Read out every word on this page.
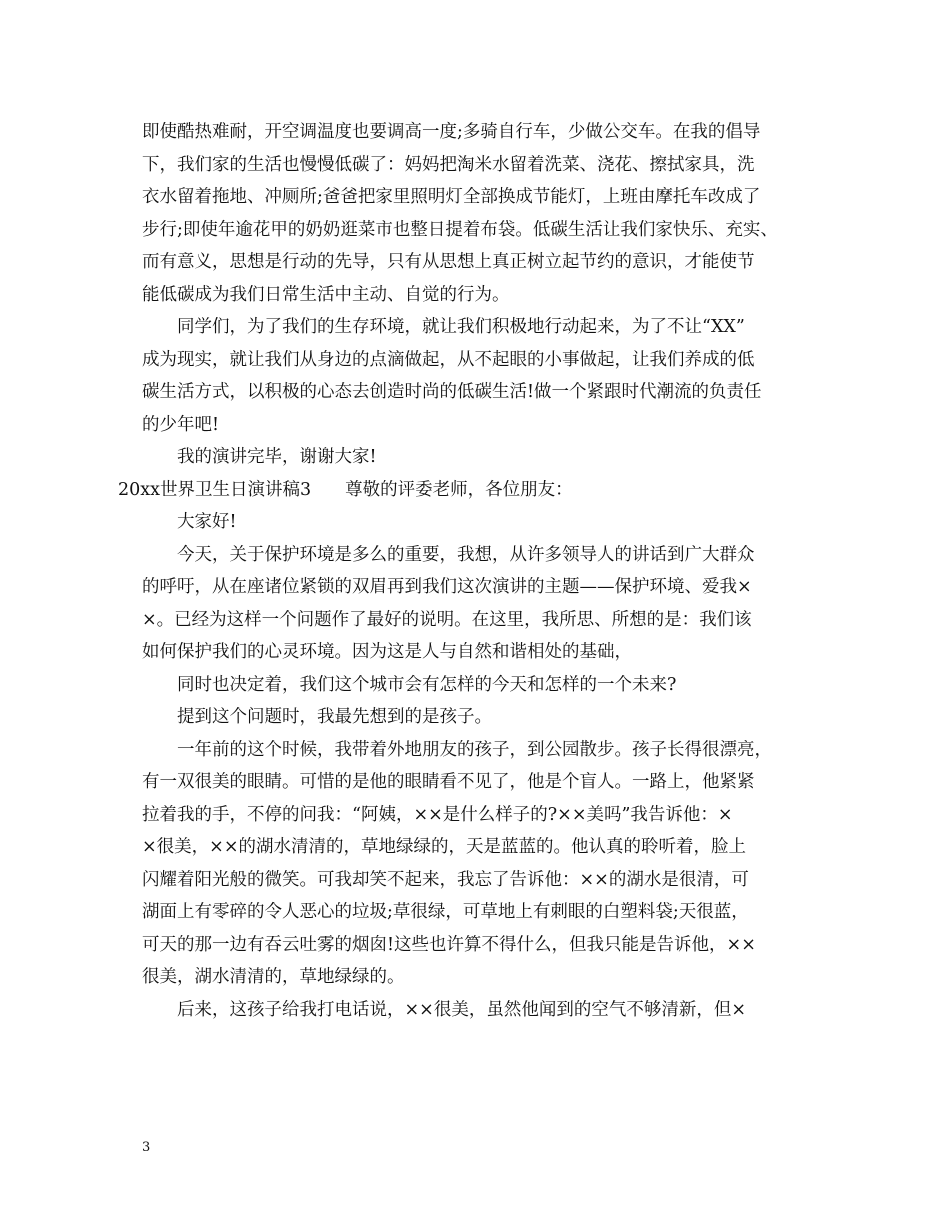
即使酷热难耐，开空调温度也要调高一度;多骑自行车，少做公交车。在我的倡导
下，我们家的生活也慢慢低碳了：妈妈把淘米水留着洗菜、浇花、擦拭家具，洗
衣水留着拖地、冲厕所;爸爸把家里照明灯全部换成节能灯，上班由摩托车改成了
步行;即使年逾花甲的奶奶逛菜市也整日提着布袋。低碳生活让我们家快乐、充实、
而有意义，思想是行动的先导，只有从思想上真正树立起节约的意识，才能使节
能低碳成为我们日常生活中主动、自觉的行为。
同学们，为了我们的生存环境，就让我们积极地行动起来，为了不让“XX”
成为现实，就让我们从身边的点滴做起，从不起眼的小事做起，让我们养成的低
碳生活方式，以积极的心态去创造时尚的低碳生活!做一个紧跟时代潮流的负责任
的少年吧!
我的演讲完毕，谢谢大家!
20xx世界卫生日演讲稿3 尊敬的评委老师，各位朋友：
大家好!
今天，关于保护环境是多么的重要，我想，从许多领导人的讲话到广大群众
的呼吁，从在座诸位紧锁的双眉再到我们这次演讲的主题——保护环境、爱我×
×。已经为这样一个问题作了最好的说明。在这里，我所思、所想的是：我们该
如何保护我们的心灵环境。因为这是人与自然和谐相处的基础，
同时也决定着，我们这个城市会有怎样的今天和怎样的一个未来?
提到这个问题时，我最先想到的是孩子。
一年前的这个时候，我带着外地朋友的孩子，到公园散步。孩子长得很漂亮，
有一双很美的眼睛。可惜的是他的眼睛看不见了，他是个盲人。一路上，他紧紧
拉着我的手，不停的问我：“阿姨，××是什么样子的?××美吗”我告诉他：×
×很美，××的湖水清清的，草地绿绿的，天是蓝蓝的。他认真的聆听着，脸上
闪耀着阳光般的微笑。可我却笑不起来，我忘了告诉他：××的湖水是很清，可
湖面上有零碎的令人恶心的垃圾;草很绿，可草地上有刺眼的白塑料袋;天很蓝，
可天的那一边有吞云吐雾的烟囱!这些也许算不得什么，但我只能是告诉他，××
很美，湖水清清的，草地绿绿的。
后来，这孩子给我打电话说，××很美，虽然他闻到的空气不够清新，但×
3
